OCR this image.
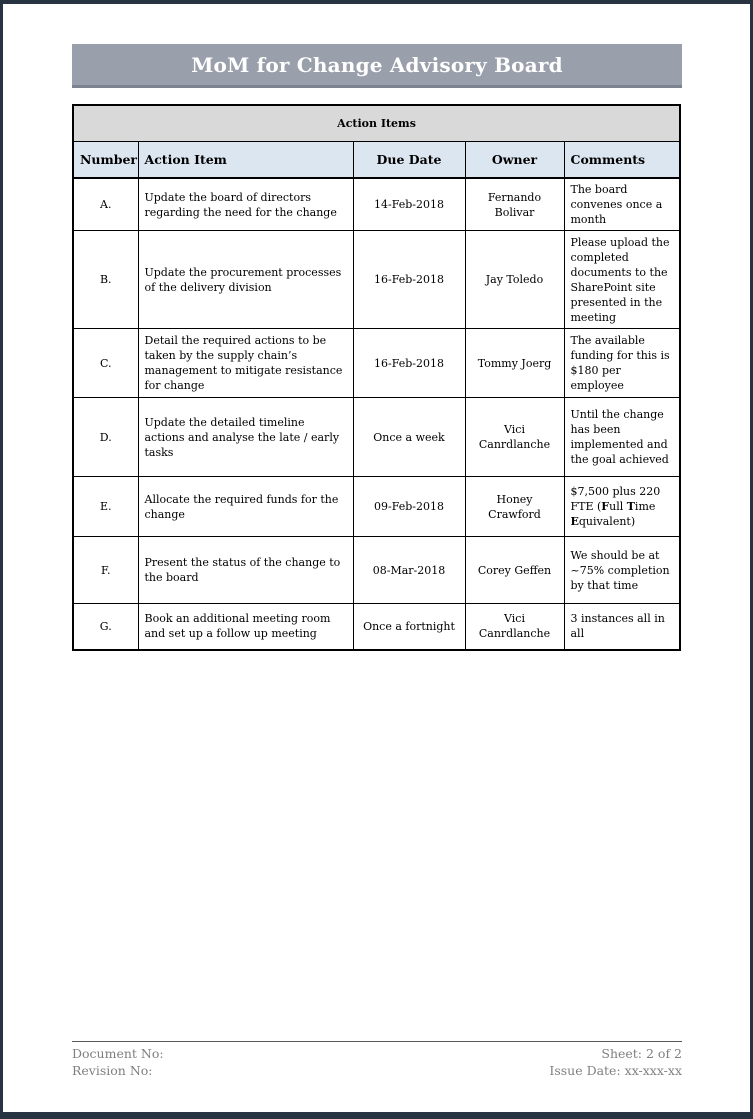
MoM for Change Advisory Board
Action Items				
Number	Action Item	Due Date	Owner	Comments
A.	Update the board of directors regarding the need for the change	14-Feb-2018	Fernando Bolivar	The board convenes once a month
B.	Update the procurement processes of the delivery division	16-Feb-2018	Jay Toledo	Please upload the completed documents to the SharePoint site presented in the meeting
C.	Detail the required actions to be taken by the supply chain’s management to mitigate resistance for change	16-Feb-2018	Tommy Joerg	The available funding for this is $180 per employee
D.	Update the detailed timeline actions and analyse the late / early tasks	Once a week	Vici Canrdlanche	Until the change has been implemented and the goal achieved
E.	Allocate the required funds for the change	09-Feb-2018	Honey Crawford	$7,500 plus 220 FTE (Full Time Equivalent)
F.	Present the status of the change to the board	08-Mar-2018	Corey Geffen	We should be at ~75% completion by that time
G.	Book an additional meeting room and set up a follow up meeting	Once a fortnight	Vici Canrdlanche	3 instances all in all
Document No:
Revision No:
Sheet: 2 of 2
Issue Date: xx-xxx-xx
